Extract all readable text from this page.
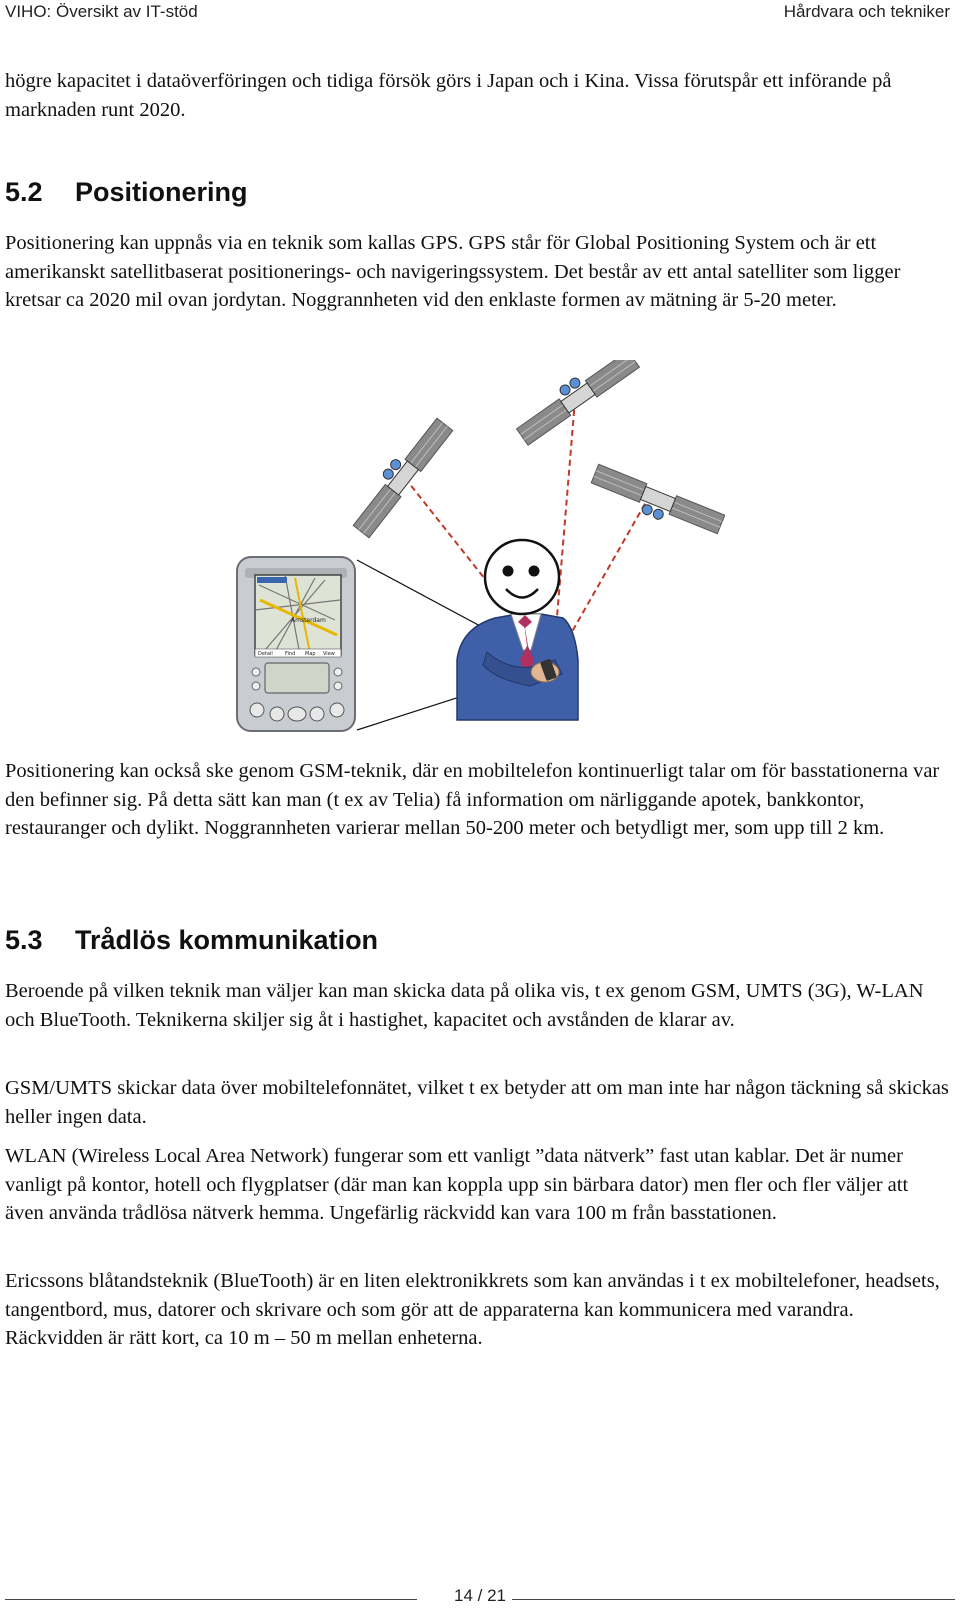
VIHO: Översikt av IT-stöd	Hårdvara och tekniker

högre kapacitet i dataöverföringen och tidiga försök görs i Japan och i Kina. Vissa förutspår ett införande på marknaden runt 2020.

5.2 Positionering

Positionering kan uppnås via en teknik som kallas GPS. GPS står för Global Positioning System och är ett amerikanskt satellitbaserat positionerings- och navigeringssystem. Det består av ett antal satelliter som ligger kretsar ca 2020 mil ovan jordytan. Noggrannheten vid den enklaste formen av mätning är 5-20 meter.

Amsterdam
Detail Find Map View

Positionering kan också ske genom GSM-teknik, där en mobiltelefon kontinuerligt talar om för basstationerna var den befinner sig. På detta sätt kan man (t ex av Telia) få information om närliggande apotek, bankkontor, restauranger och dylikt. Noggrannheten varierar mellan 50-200 meter och betydligt mer, som upp till 2 km.

5.3 Trådlös kommunikation

Beroende på vilken teknik man väljer kan man skicka data på olika vis, t ex genom GSM, UMTS (3G), W-LAN och BlueTooth. Teknikerna skiljer sig åt i hastighet, kapacitet och avstånden de klarar av.

GSM/UMTS skickar data över mobiltelefonnätet, vilket t ex betyder att om man inte har någon täckning så skickas heller ingen data.

WLAN (Wireless Local Area Network) fungerar som ett vanligt ”data nätverk” fast utan kablar. Det är numer vanligt på kontor, hotell och flygplatser (där man kan koppla upp sin bärbara dator) men fler och fler väljer att även använda trådlösa nätverk hemma. Ungefärlig räckvidd kan vara 100 m från basstationen.

Ericssons blåtandsteknik (BlueTooth) är en liten elektronikkrets som kan användas i t ex mobiltelefoner, headsets, tangentbord, mus, datorer och skrivare och som gör att de apparaterna kan kommunicera med varandra. Räckvidden är rätt kort, ca 10 m – 50 m mellan enheterna.

14 / 21
